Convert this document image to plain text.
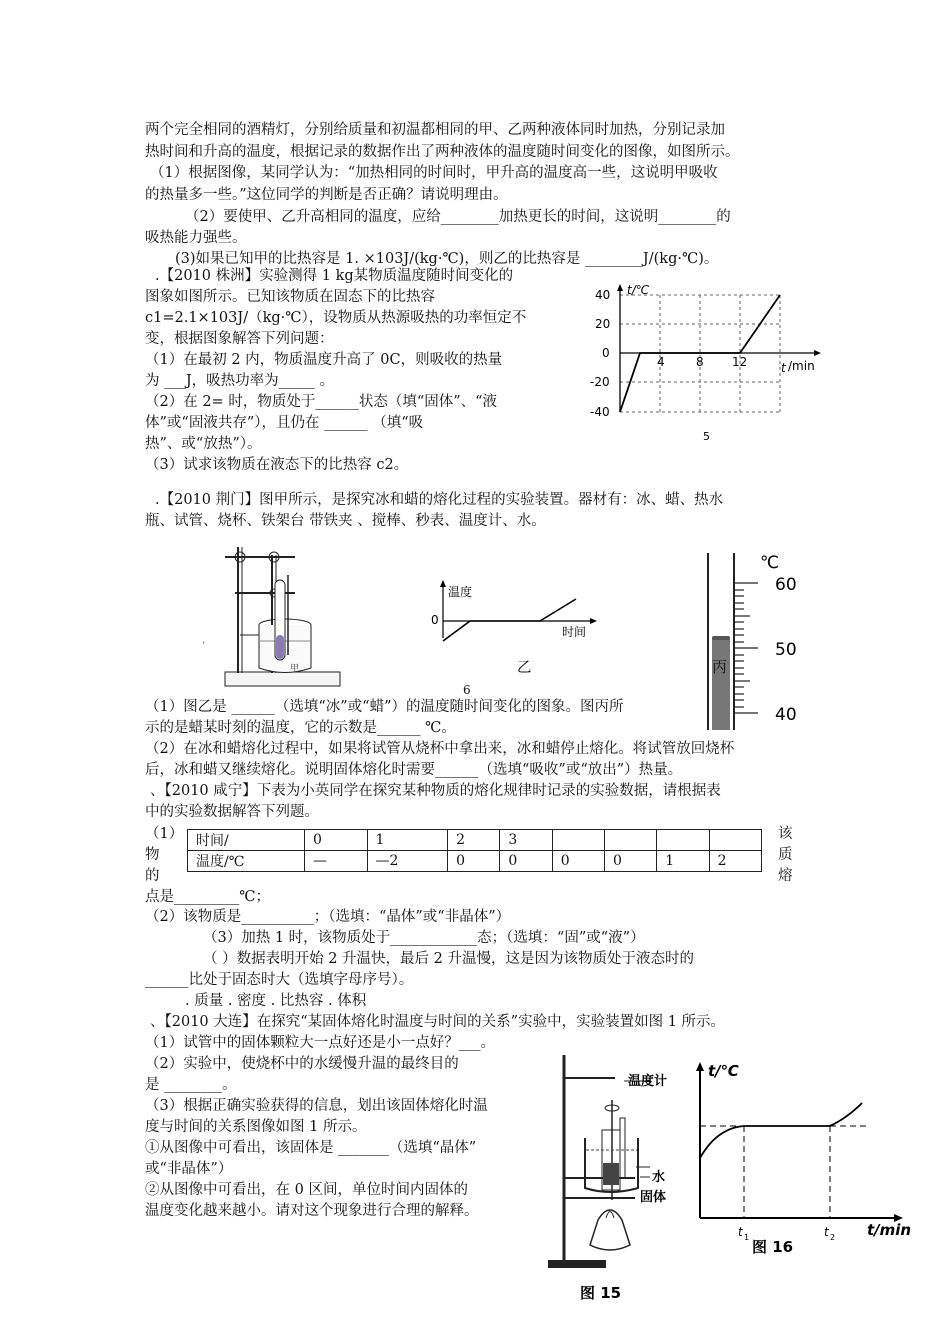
两个完全相同的酒精灯，分别给质量和初温都相同的甲、乙两种液体同时加热，分别记录加
热时间和升高的温度，根据记录的数据作出了两种液体的温度随时间变化的图像，如图所示。
（1）根据图像，某同学认为：“加热相同的时间时，甲升高的温度高一些，这说明甲吸收
的热量多一些。”这位同学的判断是否正确？请说明理由。
（2）要使甲、乙升高相同的温度，应给________加热更长的时间，这说明________的
吸热能力强些。
(3)如果已知甲的比热容是 1. ×103J/(kg·℃)，则乙的比热容是 ________J/(kg·℃)。
.【2010 株洲】实验测得 1 kg某物质温度随时间变化的
图象如图所示。已知该物质在固态下的比热容
c1=2.1×103J/（kg·℃），设物质从热源吸热的功率恒定不
变，根据图象解答下列问题：
（1）在最初 2 内，物质温度升高了 0C，则吸收的热量
为 ___J，吸热功率为_____ 。
（2）在 2= 时，物质处于______状态（填“固体”、“液
体”或“固液共存”），且仍在 ______ （填“吸
热”、或“放热”）。
（3）试求该物质在液态下的比热容 c2。
40
20
0
-20
-40
4	8 12
t/℃
t /min
5
.【2010 荆门】图甲所示，是探究冰和蜡的熔化过程的实验装置。器材有：冰、蜡、热水
瓶、试管、烧杯、铁架台 带铁夹 、搅棒、秒表、温度计、水。
甲
,
温度
0
时间
乙
6
℃
60
50
40
丙
（1）图乙是 ______（选填“冰”或“蜡”）的温度随时间变化的图象。图丙所
示的是蜡某时刻的温度，它的示数是______ ℃。
（2）在冰和蜡熔化过程中，如果将试管从烧杯中拿出来，冰和蜡停止熔化。将试管放回烧杯
后，冰和蜡又继续熔化。说明固体熔化时需要______（选填“吸收”或“放出”）热量。
、【2010 咸宁】下表为小英同学在探究某种物质的熔化规律时记录的实验数据，请根据表
中的实验数据解答下列题。
（1）
物
的
点是_________℃；
该
质
熔
时间/	0	1	2	3				
温度/℃	—	—2	0	0	0	0	1	2
（2）该物质是__________；（选填：“晶体”或“非晶体”）
（3）加热 1 时，该物质处于____________态；（选填：“固”或“液”）
（ ）数据表明开始 2 升温快，最后 2 升温慢，这是因为该物质处于液态时的
______比处于固态时大（选填字母序号）。
. 质量 . 密度 . 比热容 . 体积
、【2010 大连】在探究“某固体熔化时温度与时间的关系”实验中，实验装置如图 1 所示。
（1）试管中的固体颗粒大一点好还是小一点好？___。
（2）实验中，使烧杯中的水缓慢升温的最终目的
是 ________。
（3）根据正确实验获得的信息，划出该固体熔化时温
度与时间的关系图像如图 1 所示。
①从图像中可看出，该固体是 _______（选填“晶体”
或“非晶体”）
②从图像中可看出，在 0 区间，单位时间内固体的
温度变化越来越小。请对这个现象进行合理的解释。
温度计
水
固体
图 15
t/℃
t/min
t 1	t 2
图 16
